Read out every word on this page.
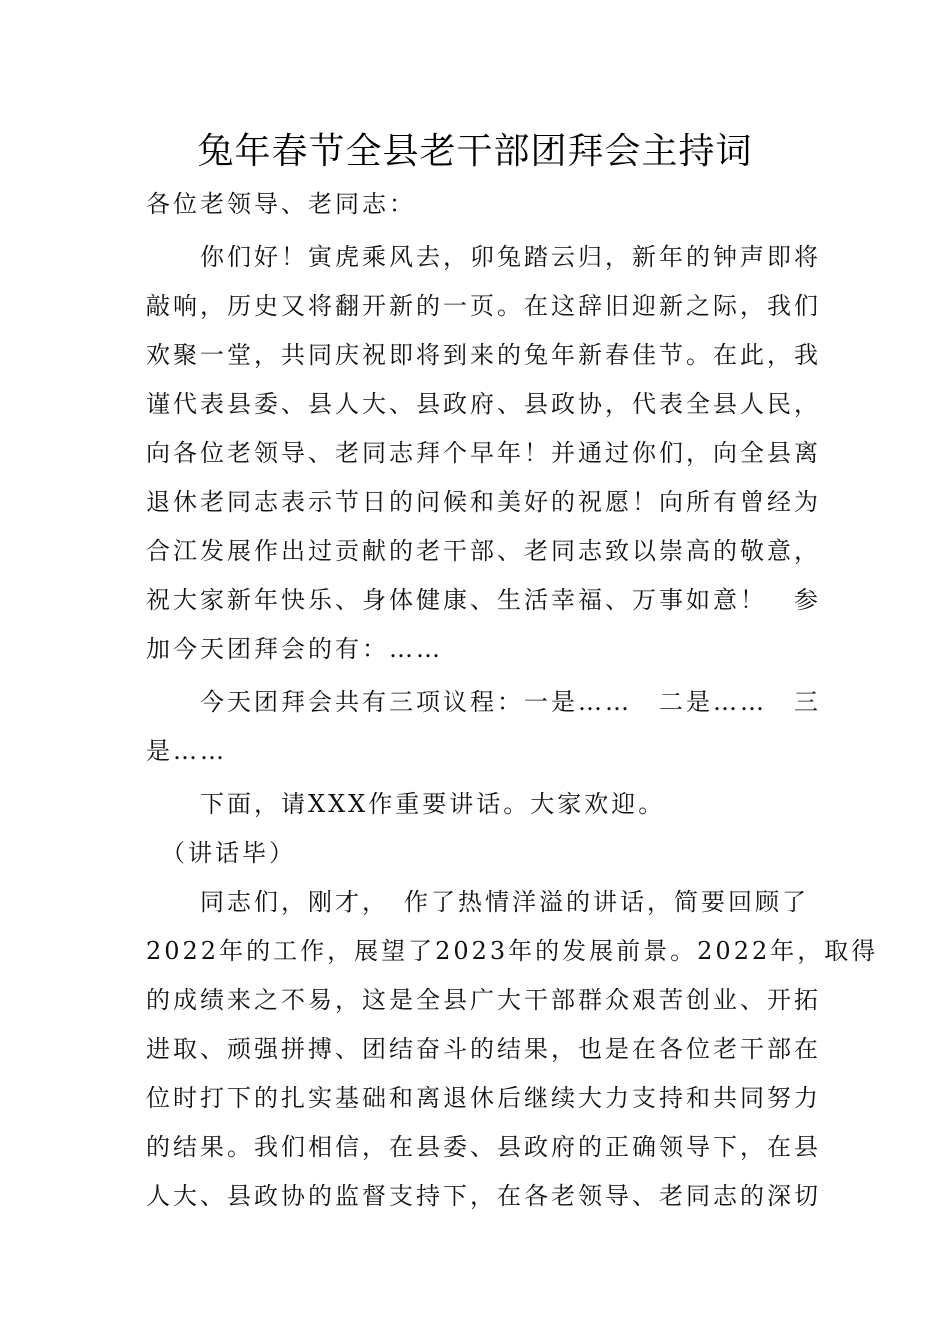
兔年春节全县老干部团拜会主持词
各位老领导、老同志：
　　你们好！寅虎乘风去，卯兔踏云归，新年的钟声即将
敲响，历史又将翻开新的一页。在这辞旧迎新之际，我们
欢聚一堂，共同庆祝即将到来的兔年新春佳节。在此，我
谨代表县委、县人大、县政府、县政协，代表全县人民，
向各位老领导、老同志拜个早年！并通过你们，向全县离
退休老同志表示节日的问候和美好的祝愿！向所有曾经为
合江发展作出过贡献的老干部、老同志致以崇高的敬意，
祝大家新年快乐、身体健康、生活幸福、万事如意！　参
加今天团拜会的有：……
　　今天团拜会共有三项议程：一是……　二是……　三
是……
　　下面，请XXX作重要讲话。大家欢迎。
　（讲话毕）
　　同志们，刚才，　作了热情洋溢的讲话，简要回顾了
2022年的工作，展望了2023年的发展前景。2022年，取得
的成绩来之不易，这是全县广大干部群众艰苦创业、开拓
进取、顽强拼搏、团结奋斗的结果，也是在各位老干部在
位时打下的扎实基础和离退休后继续大力支持和共同努力
的结果。我们相信，在县委、县政府的正确领导下，在县
人大、县政协的监督支持下，在各老领导、老同志的深切
